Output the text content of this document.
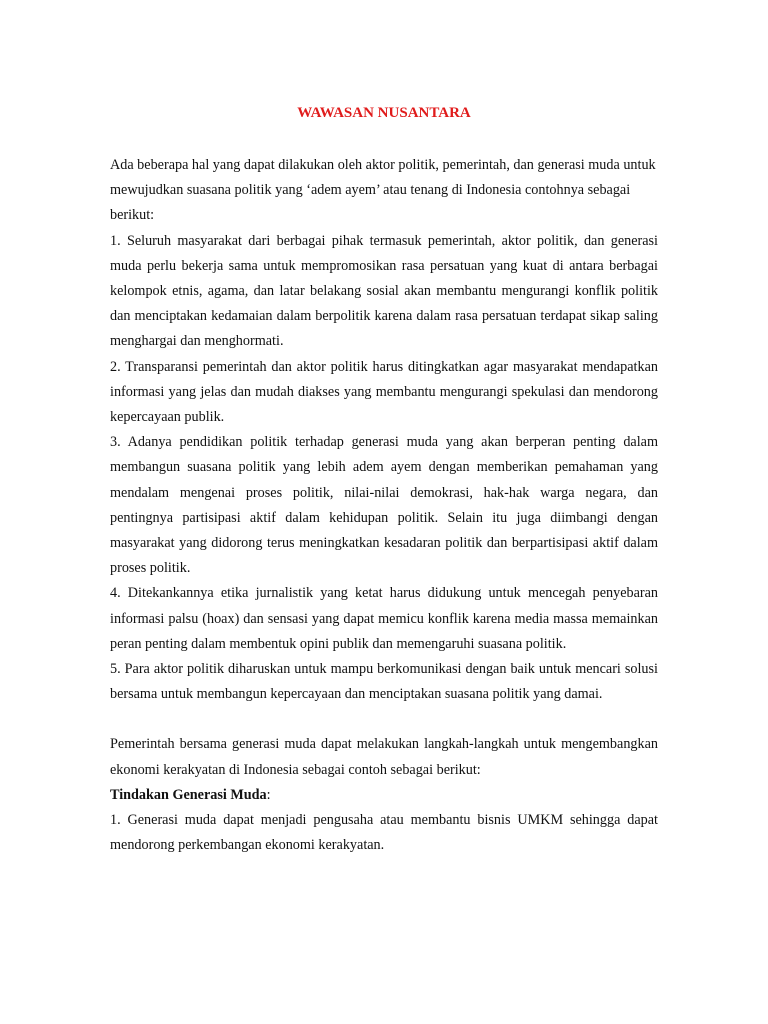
WAWASAN NUSANTARA

Ada beberapa hal yang dapat dilakukan oleh aktor politik, pemerintah, dan generasi muda untuk mewujudkan suasana politik yang ‘adem ayem’ atau tenang di Indonesia contohnya sebagai berikut:

1. Seluruh masyarakat dari berbagai pihak termasuk pemerintah, aktor politik, dan generasi muda perlu bekerja sama untuk mempromosikan rasa persatuan yang kuat di antara berbagai kelompok etnis, agama, dan latar belakang sosial akan membantu mengurangi konflik politik dan menciptakan kedamaian dalam berpolitik karena dalam rasa persatuan terdapat sikap saling menghargai dan menghormati.

2. Transparansi pemerintah dan aktor politik harus ditingkatkan agar masyarakat mendapatkan informasi yang jelas dan mudah diakses yang membantu mengurangi spekulasi dan mendorong kepercayaan publik.

3. Adanya pendidikan politik terhadap generasi muda yang akan berperan penting dalam membangun suasana politik yang lebih adem ayem dengan memberikan pemahaman yang mendalam mengenai proses politik, nilai-nilai demokrasi, hak-hak warga negara, dan pentingnya partisipasi aktif dalam kehidupan politik. Selain itu juga diimbangi dengan masyarakat yang didorong terus meningkatkan kesadaran politik dan berpartisipasi aktif dalam proses politik.

4. Ditekankannya etika jurnalistik yang ketat harus didukung untuk mencegah penyebaran informasi palsu (hoax) dan sensasi yang dapat memicu konflik karena media massa memainkan peran penting dalam membentuk opini publik dan memengaruhi suasana politik.

5. Para aktor politik diharuskan untuk mampu berkomunikasi dengan baik untuk mencari solusi bersama untuk membangun kepercayaan dan menciptakan suasana politik yang damai.

Pemerintah bersama generasi muda dapat melakukan langkah-langkah untuk mengembangkan ekonomi kerakyatan di Indonesia sebagai contoh sebagai berikut:

Tindakan Generasi Muda:

1. Generasi muda dapat menjadi pengusaha atau membantu bisnis UMKM sehingga dapat mendorong perkembangan ekonomi kerakyatan.
